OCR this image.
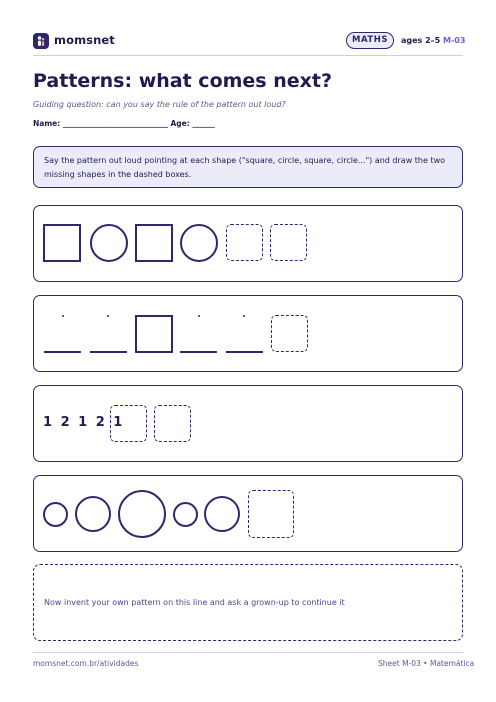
momsnet	MATHS	ages 2–5 M-03
Patterns: what comes next?
Guiding question: can you say the rule of the pattern out loud?
Name: ____________________________ Age: ______
Say the pattern out loud pointing at each shape ("square, circle, square, circle...") and draw the two missing shapes in the dashed boxes.
1 2 1 2 1
Now invent your own pattern on this line and ask a grown-up to continue it
momsnet.com.br/atividades	Sheet M-03 • Matemática
